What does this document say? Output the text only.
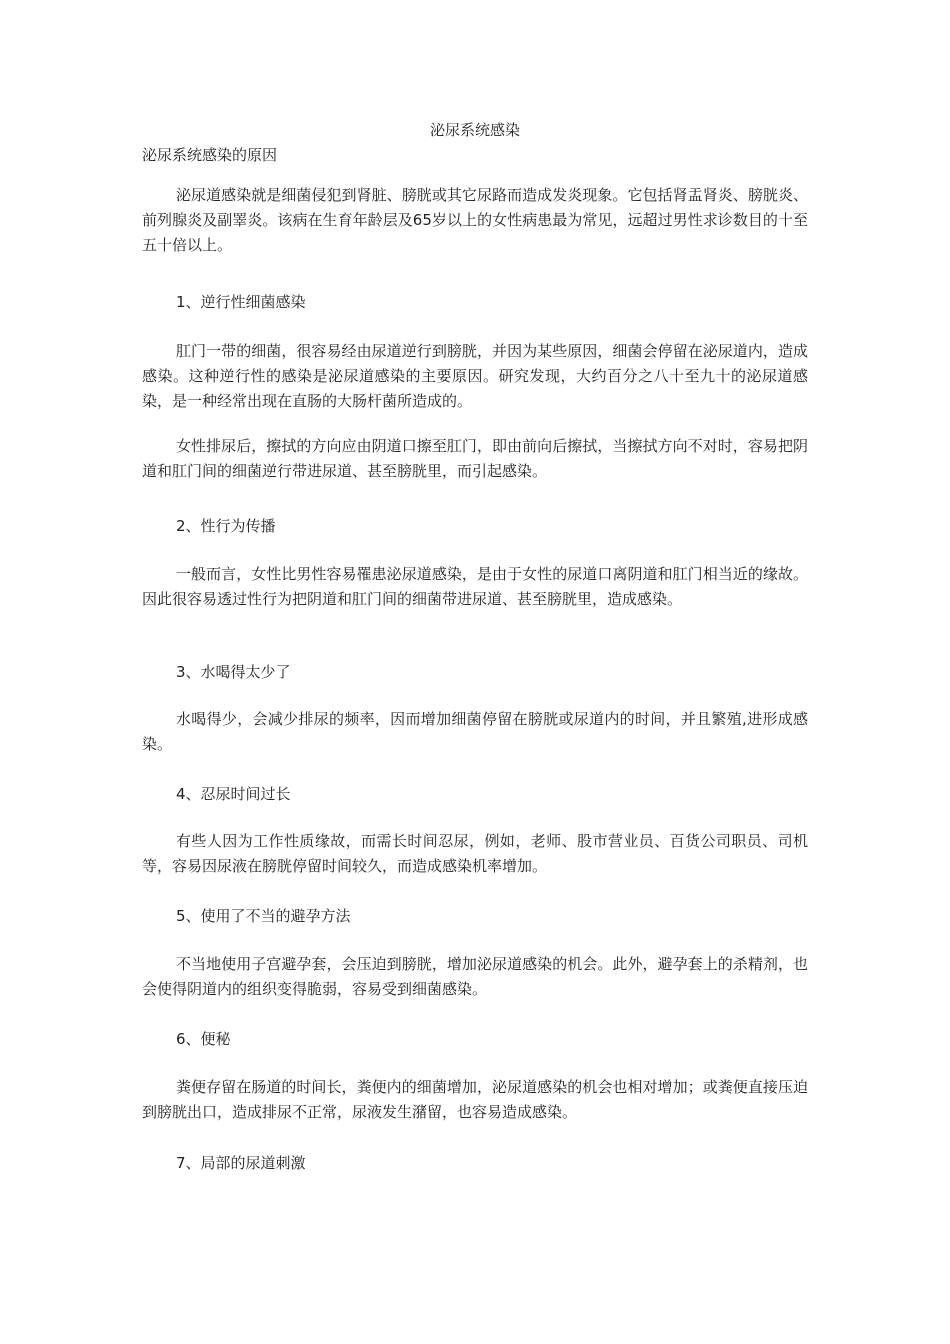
泌尿系统感染

泌尿系统感染的原因

泌尿道感染就是细菌侵犯到肾脏、膀胱或其它尿路而造成发炎现象。它包括肾盂肾炎、膀胱炎、前列腺炎及副睪炎。该病在生育年龄层及65岁以上的女性病患最为常见，远超过男性求诊数目的十至五十倍以上。

1、逆行性细菌感染

肛门一带的细菌，很容易经由尿道逆行到膀胱，并因为某些原因，细菌会停留在泌尿道内，造成感染。这种逆行性的感染是泌尿道感染的主要原因。研究发现，大约百分之八十至九十的泌尿道感染，是一种经常出现在直肠的大肠杆菌所造成的。

女性排尿后，擦拭的方向应由阴道口擦至肛门，即由前向后擦拭，当擦拭方向不对时，容易把阴道和肛门间的细菌逆行带进尿道、甚至膀胱里，而引起感染。

2、性行为传播

一般而言，女性比男性容易罹患泌尿道感染，是由于女性的尿道口离阴道和肛门相当近的缘故。因此很容易透过性行为把阴道和肛门间的细菌带进尿道、甚至膀胱里，造成感染。

3、水喝得太少了

水喝得少，会减少排尿的频率，因而增加细菌停留在膀胱或尿道内的时间，并且繁殖,进形成感染。

4、忍尿时间过长

有些人因为工作性质缘故，而需长时间忍尿，例如，老师、股市营业员、百货公司职员、司机等，容易因尿液在膀胱停留时间较久，而造成感染机率增加。

5、使用了不当的避孕方法

不当地使用子宫避孕套，会压迫到膀胱，增加泌尿道感染的机会。此外，避孕套上的杀精剂，也会使得阴道内的组织变得脆弱，容易受到细菌感染。

6、便秘

粪便存留在肠道的时间长，粪便内的细菌增加，泌尿道感染的机会也相对增加；或粪便直接压迫到膀胱出口，造成排尿不正常，尿液发生潴留，也容易造成感染。

7、局部的尿道刺激
